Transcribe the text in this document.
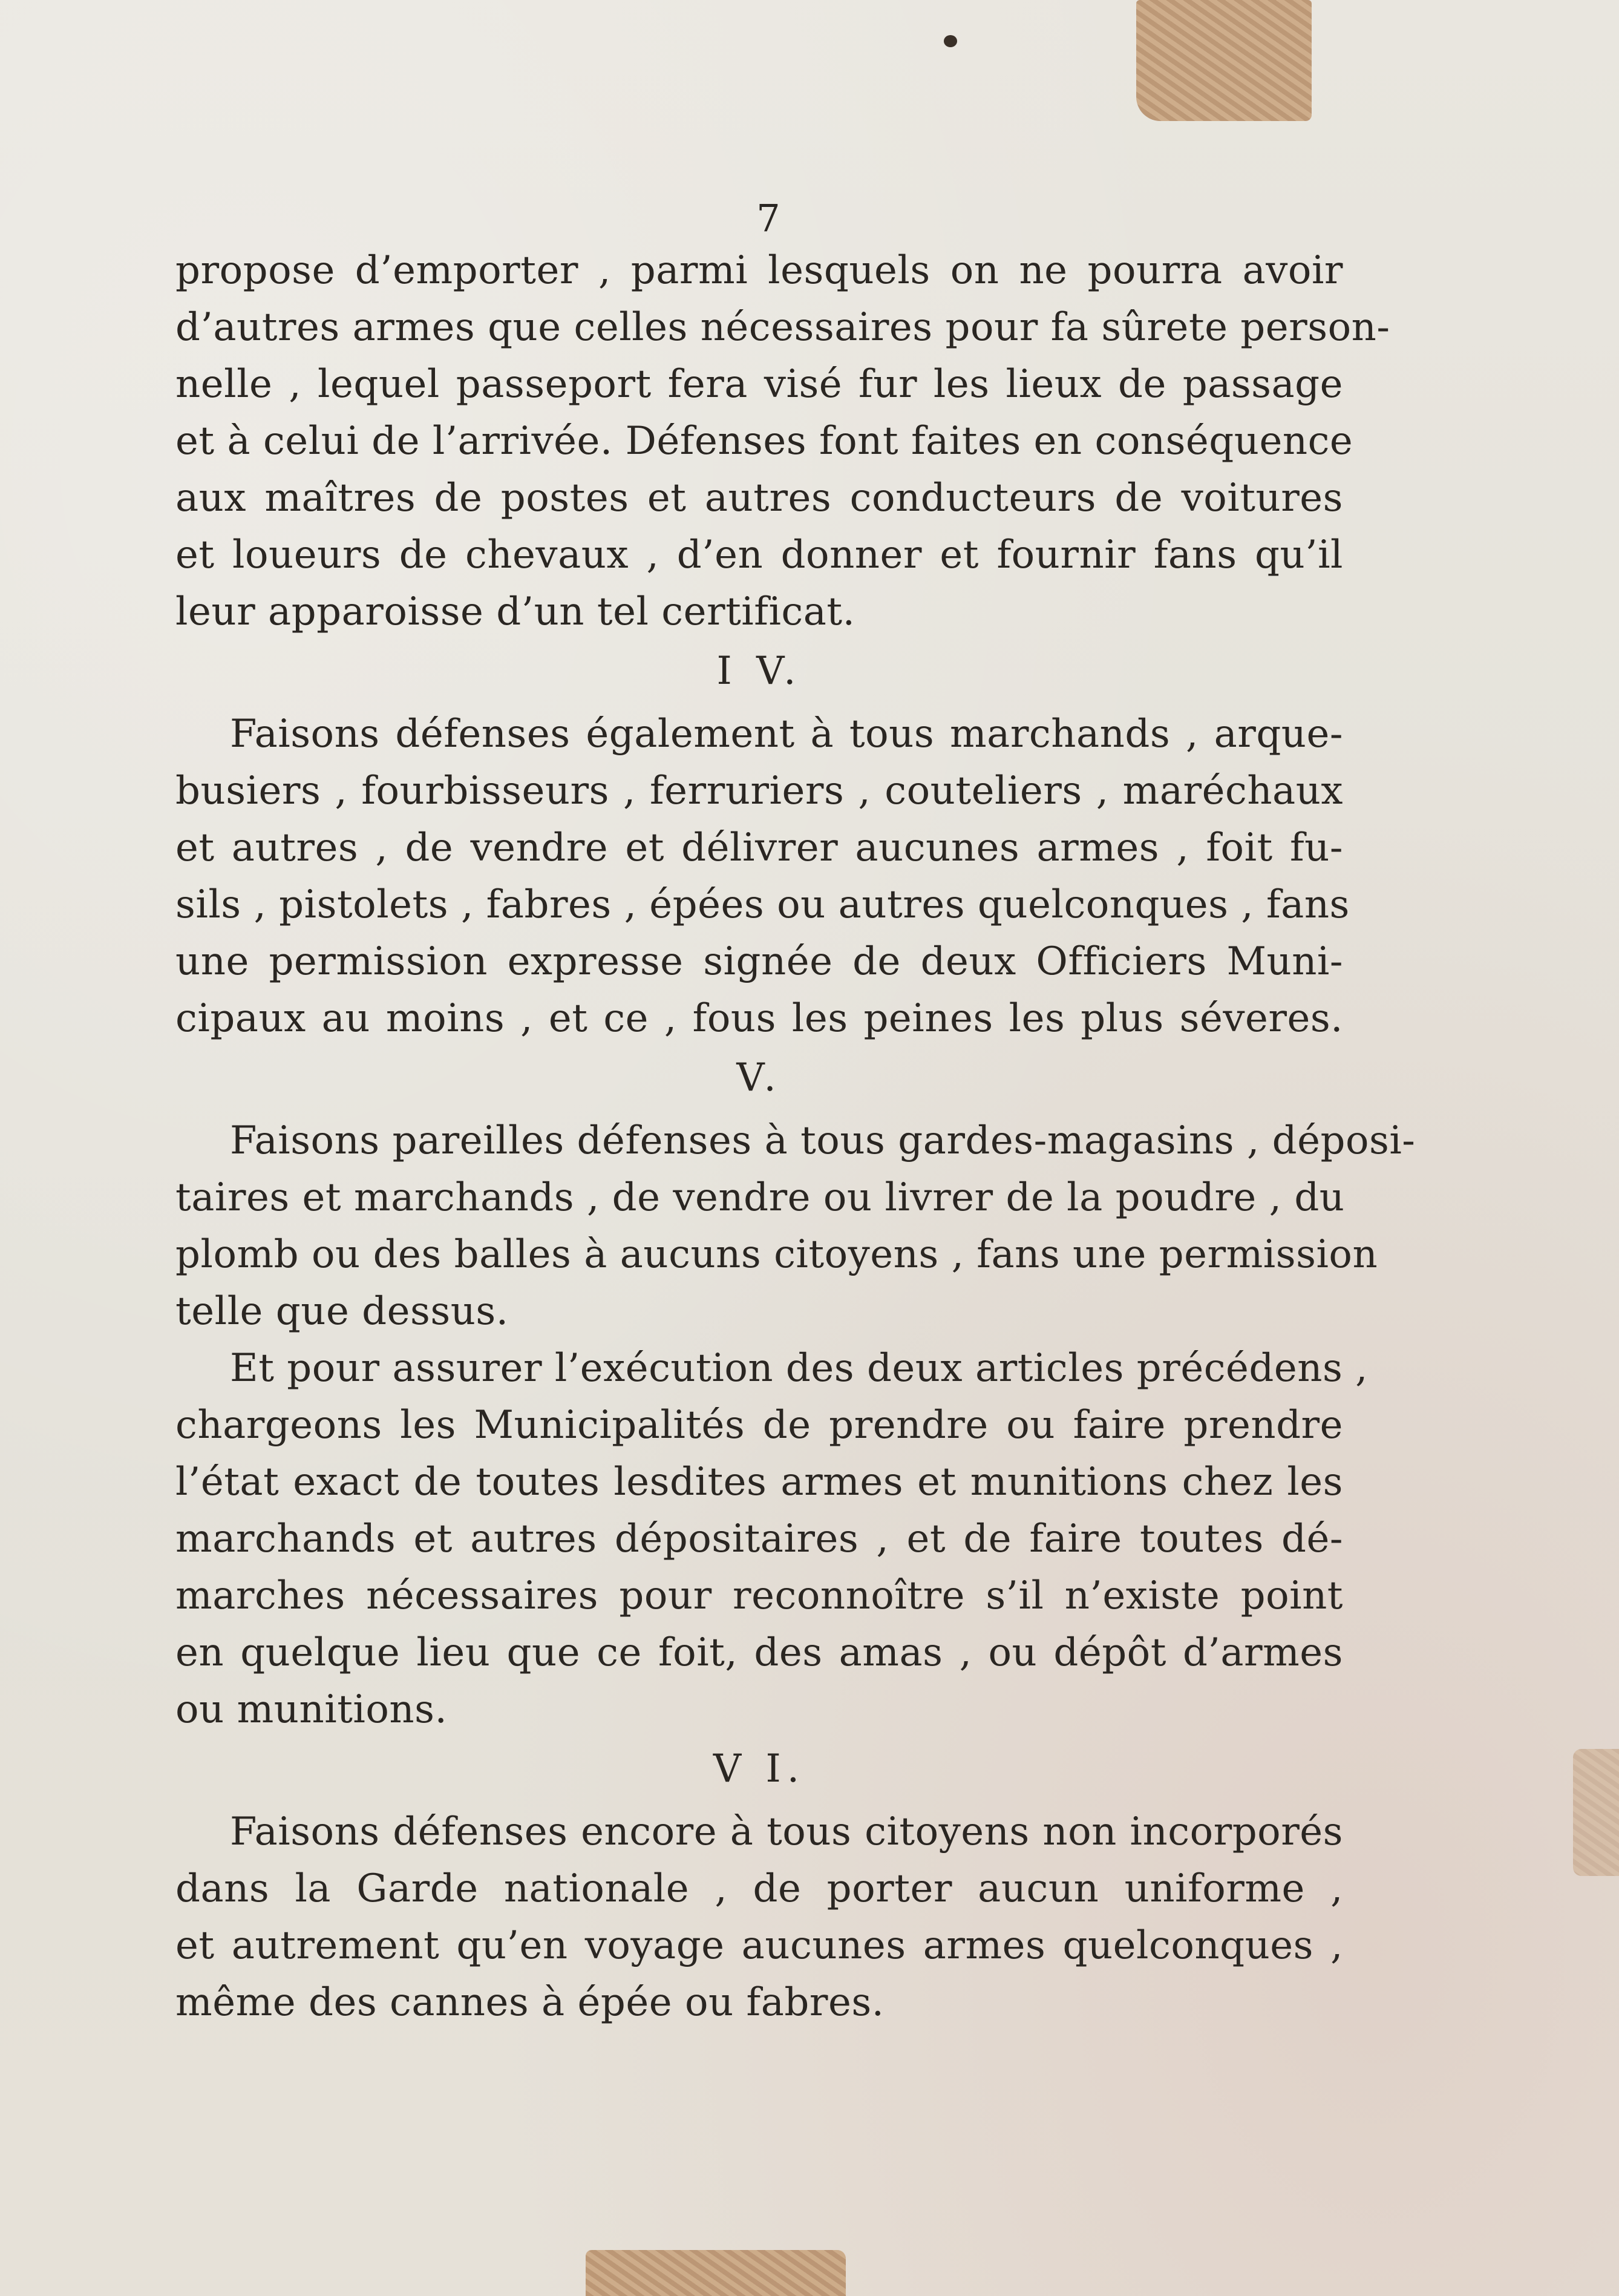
7
propose d’emporter , parmi lesquels on ne pourra avoir
d’autres armes que celles nécessaires pour fa sûrete person-
nelle , lequel passeport fera visé fur les lieux de passage
et à celui de l’arrivée. Défenses font faites en conséquence
aux maîtres de postes et autres conducteurs de voitures
et loueurs de chevaux , d’en donner et fournir fans qu’il
leur apparoisse d’un tel certificat.
I V.
Faisons défenses également à tous marchands , arque-
busiers , fourbisseurs , ferruriers , couteliers , maréchaux
et autres , de vendre et délivrer aucunes armes , foit fu-
sils , pistolets , fabres , épées ou autres quelconques , fans
une permission expresse signée de deux Officiers Muni-
cipaux au moins , et ce , fous les peines les plus séveres.
V.
Faisons pareilles défenses à tous gardes-magasins , déposi-
taires et marchands , de vendre ou livrer de la poudre , du
plomb ou des balles à aucuns citoyens , fans une permission
telle que dessus.
Et pour assurer l’exécution des deux articles précédens ,
chargeons les Municipalités de prendre ou faire prendre
l’état exact de toutes lesdites armes et munitions chez les
marchands et autres dépositaires , et de faire toutes dé-
marches nécessaires pour reconnoître s’il n’existe point
en quelque lieu que ce foit, des amas , ou dépôt d’armes
ou munitions.
V I.
Faisons défenses encore à tous citoyens non incorporés
dans la Garde nationale , de porter aucun uniforme ,
et autrement qu’en voyage aucunes armes quelconques ,
même des cannes à épée ou fabres.
